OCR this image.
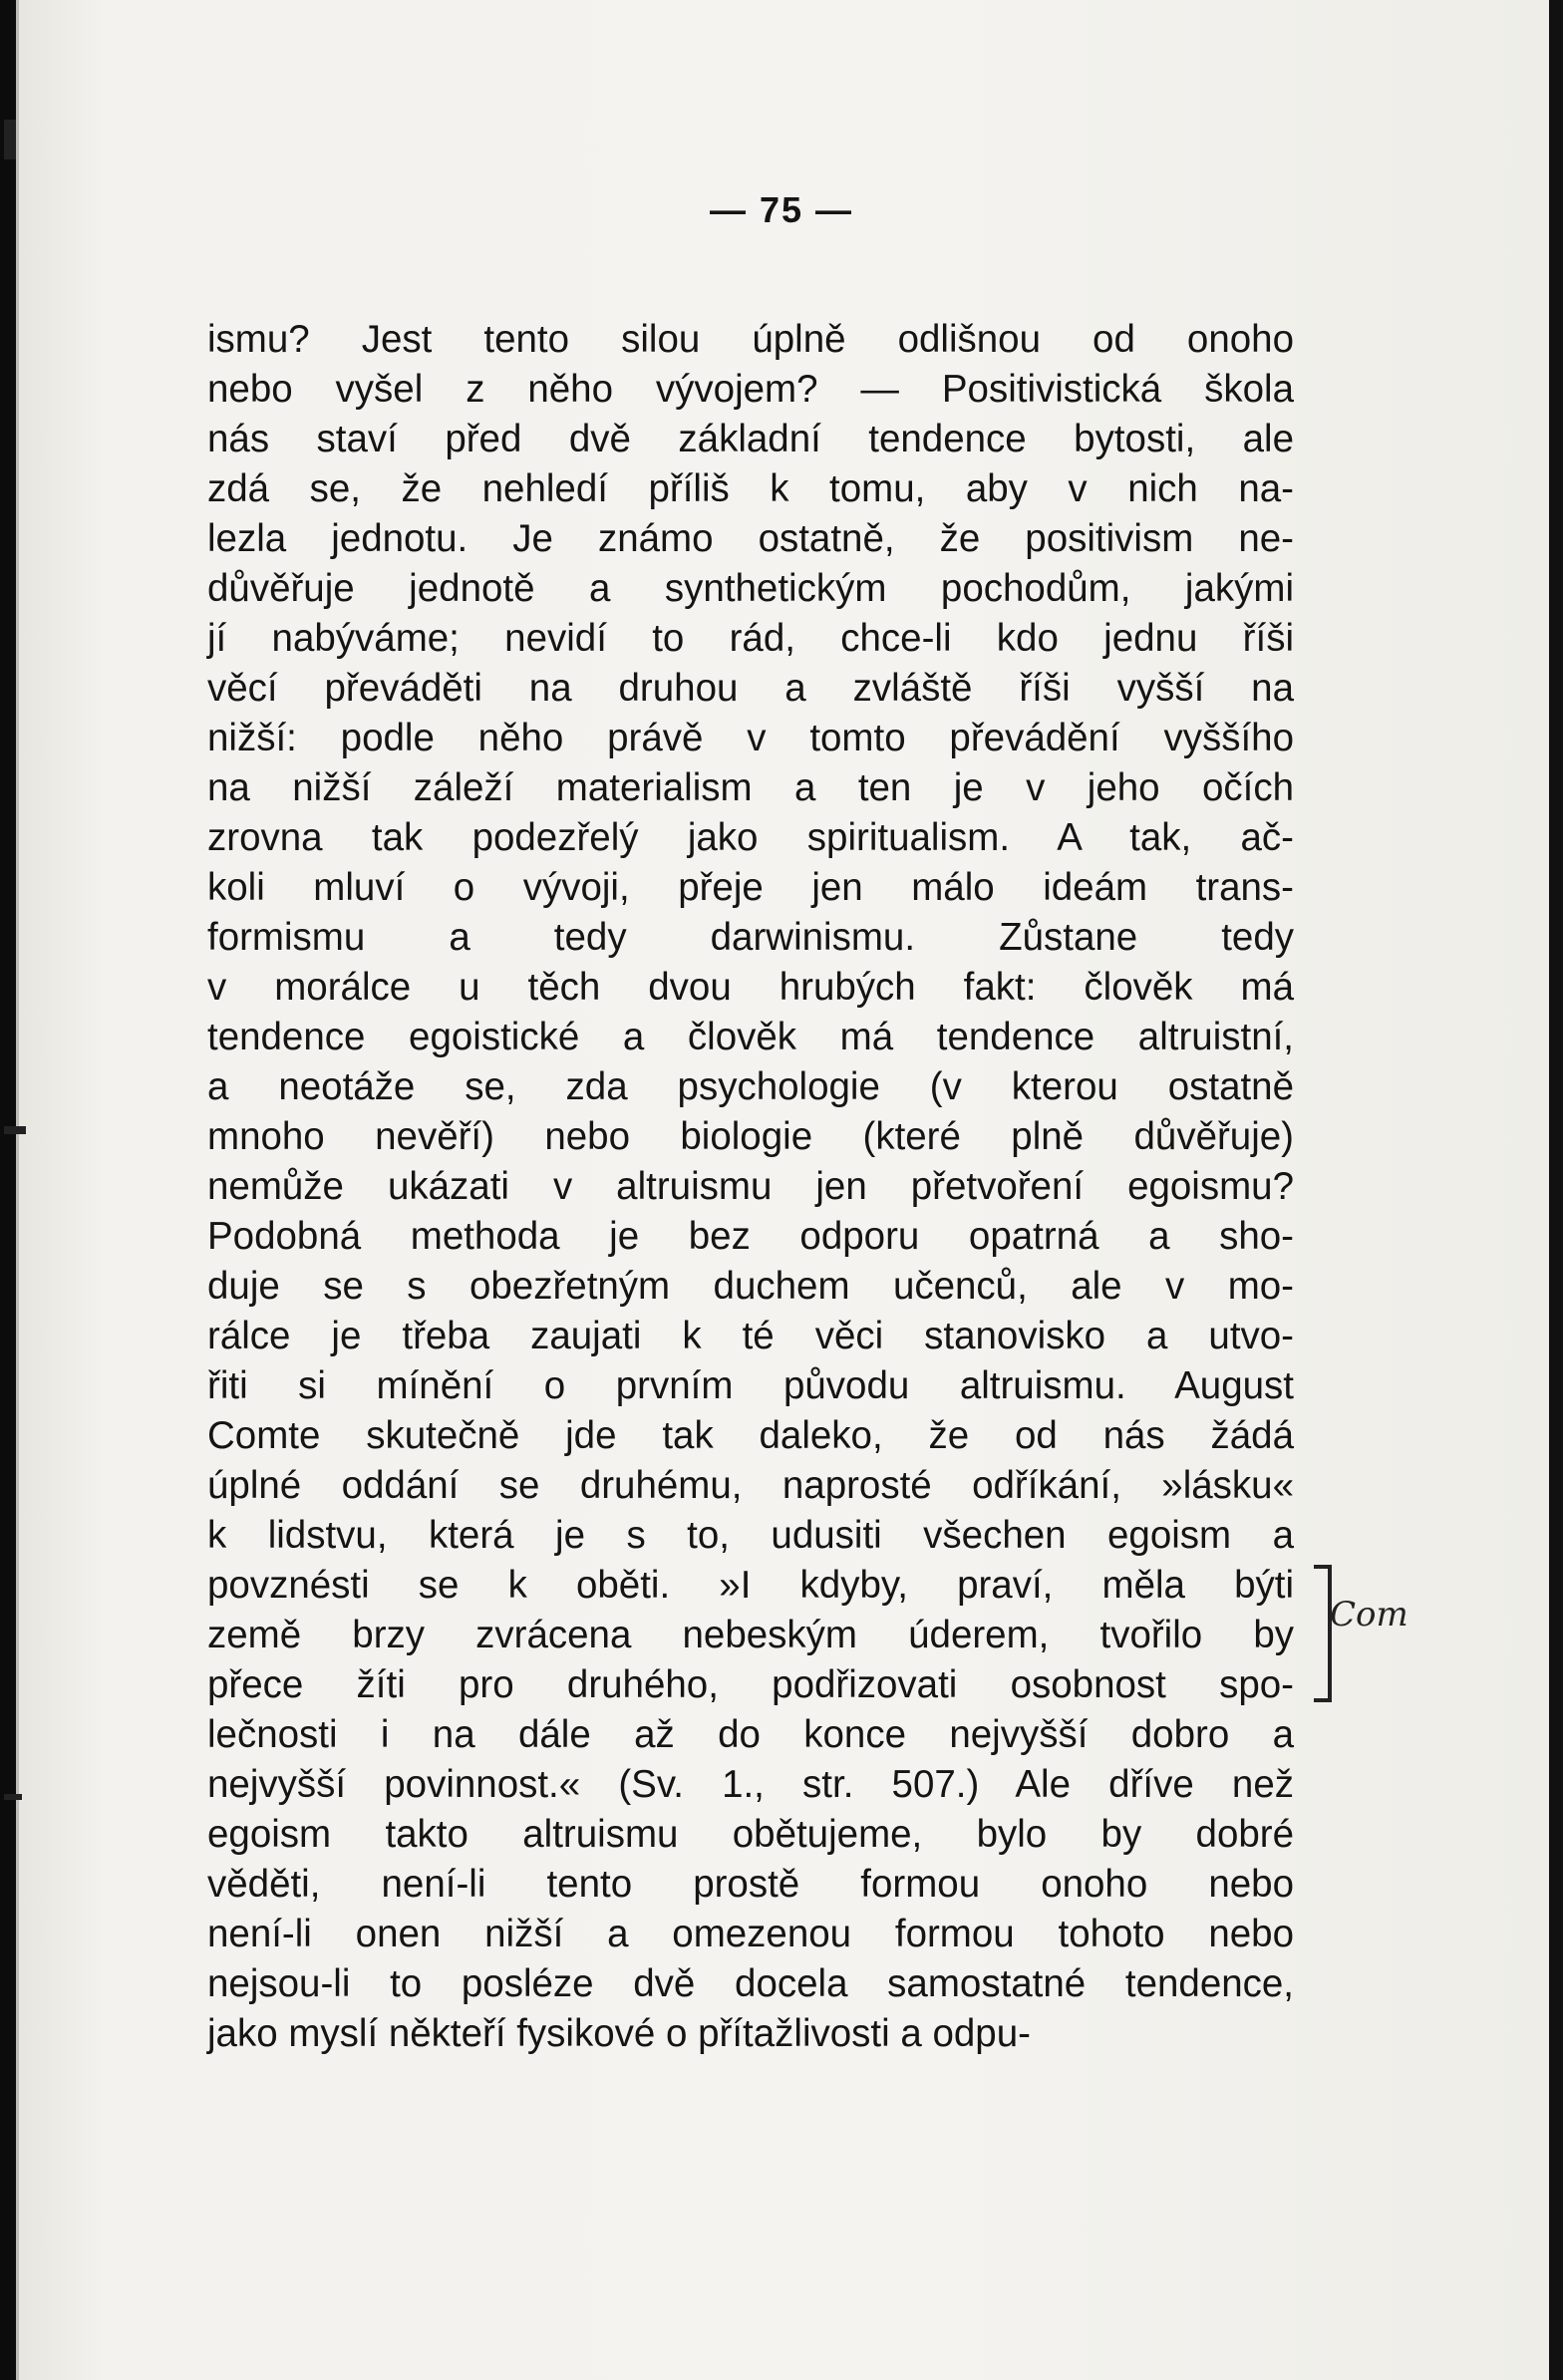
— 75 —
ismu? Jest tento silou úplně odlišnou od onoho
nebo vyšel z něho vývojem? — Positivistická škola
nás staví před dvě základní tendence bytosti, ale
zdá se, že nehledí příliš k tomu, aby v nich na-
lezla jednotu. Je známo ostatně, že positivism ne-
důvěřuje jednotě a synthetickým pochodům, jakými
jí nabýváme; nevidí to rád, chce-li kdo jednu říši
věcí převáděti na druhou a zvláště říši vyšší na
nižší: podle něho právě v tomto převádění vyššího
na nižší záleží materialism a ten je v jeho očích
zrovna tak podezřelý jako spiritualism. A tak, ač-
koli mluví o vývoji, přeje jen málo ideám trans-
formismu a tedy darwinismu. Zůstane tedy
v morálce u těch dvou hrubých fakt: člověk má
tendence egoistické a člověk má tendence altruistní,
a neotáže se, zda psychologie (v kterou ostatně
mnoho nevěří) nebo biologie (které plně důvěřuje)
nemůže ukázati v altruismu jen přetvoření egoismu?
Podobná methoda je bez odporu opatrná a sho-
duje se s obezřetným duchem učenců, ale v mo-
rálce je třeba zaujati k té věci stanovisko a utvo-
řiti si mínění o prvním původu altruismu. August
Comte skutečně jde tak daleko, že od nás žádá
úplné oddání se druhému, naprosté odříkání, »lásku«
k lidstvu, která je s to, udusiti všechen egoism a
povznésti se k oběti. »I kdyby, praví, měla býti
země brzy zvrácena nebeským úderem, tvořilo by
přece žíti pro druhého, podřizovati osobnost spo-
lečnosti i na dále až do konce nejvyšší dobro a
nejvyšší povinnost.« (Sv. 1., str. 507.) Ale dříve než
egoism takto altruismu obětujeme, bylo by dobré
věděti, není-li tento prostě formou onoho nebo
není-li onen nižší a omezenou formou tohoto nebo
nejsou-li to posléze dvě docela samostatné tendence,
jako myslí někteří fysikové o přítažlivosti a odpu-
Com
